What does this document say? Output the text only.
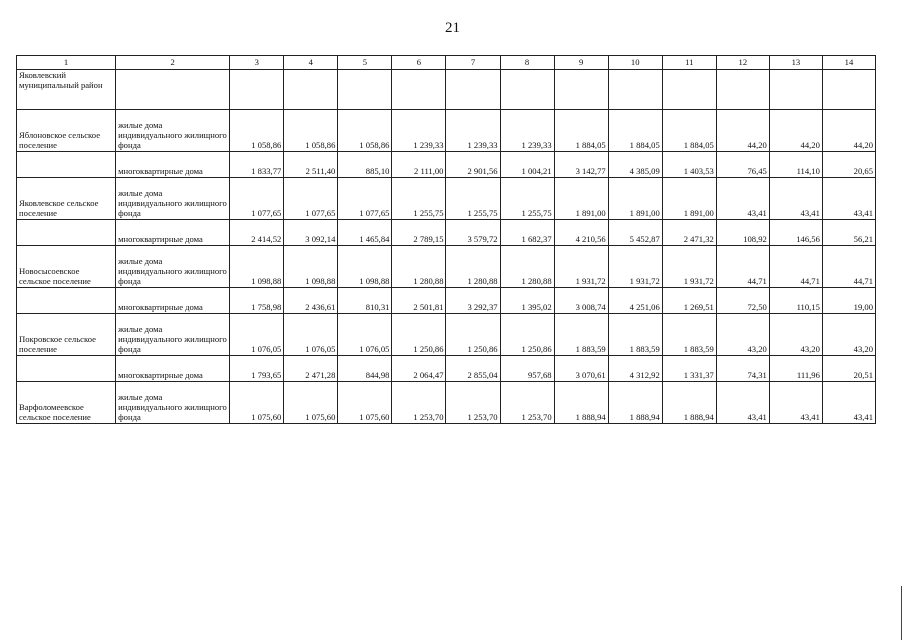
21
1	2	3	4	5	6	7	8	9	10	11	12	13	14
Яковлевский муниципальный район													
Яблоновское сельское поселение	жилые дома индивидуального жилищного фонда	1 058,86	1 058,86	1 058,86	1 239,33	1 239,33	1 239,33	1 884,05	1 884,05	1 884,05	44,20	44,20	44,20
	многоквартирные дома	1 833,77	2 511,40	885,10	2 111,00	2 901,56	1 004,21	3 142,77	4 385,09	1 403,53	76,45	114,10	20,65
Яковлевское сельское поселение	жилые дома индивидуального жилищного фонда	1 077,65	1 077,65	1 077,65	1 255,75	1 255,75	1 255,75	1 891,00	1 891,00	1 891,00	43,41	43,41	43,41
	многоквартирные дома	2 414,52	3 092,14	1 465,84	2 789,15	3 579,72	1 682,37	4 210,56	5 452,87	2 471,32	108,92	146,56	56,21
Новосысоевское сельское поселение	жилые дома индивидуального жилищного фонда	1 098,88	1 098,88	1 098,88	1 280,88	1 280,88	1 280,88	1 931,72	1 931,72	1 931,72	44,71	44,71	44,71
	многоквартирные дома	1 758,98	2 436,61	810,31	2 501,81	3 292,37	1 395,02	3 008,74	4 251,06	1 269,51	72,50	110,15	19,00
Покровское сельское поселение	жилые дома индивидуального жилищного фонда	1 076,05	1 076,05	1 076,05	1 250,86	1 250,86	1 250,86	1 883,59	1 883,59	1 883,59	43,20	43,20	43,20
	многоквартирные дома	1 793,65	2 471,28	844,98	2 064,47	2 855,04	957,68	3 070,61	4 312,92	1 331,37	74,31	111,96	20,51
Варфоломеевское сельское поселение	жилые дома индивидуального жилищного фонда	1 075,60	1 075,60	1 075,60	1 253,70	1 253,70	1 253,70	1 888,94	1 888,94	1 888,94	43,41	43,41	43,41
